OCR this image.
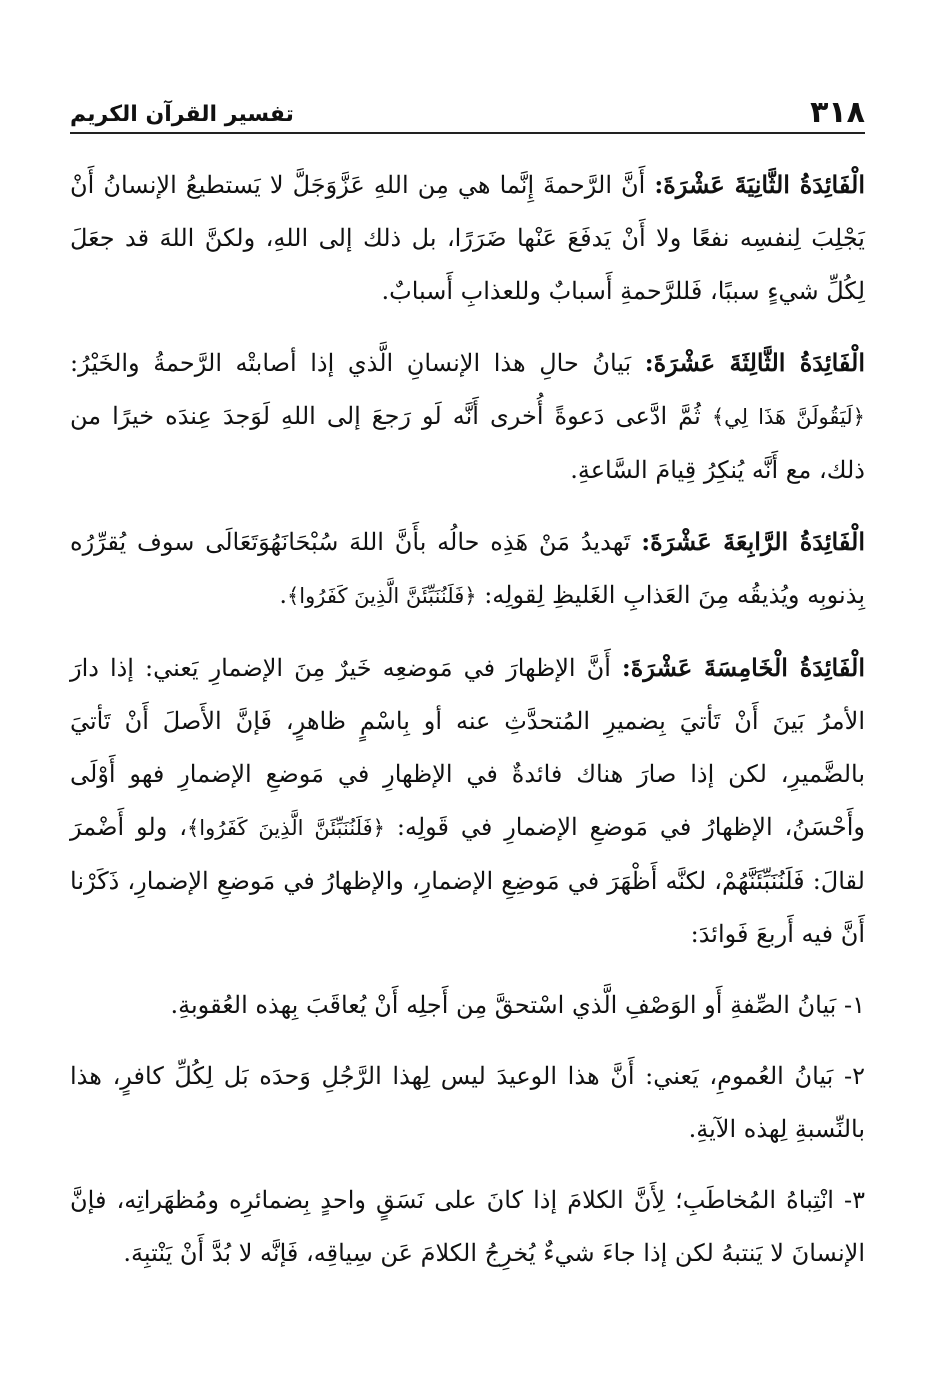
٣١٨
تفسير القرآن الكريم

الْفَائِدَةُ الثَّانِيَةَ عَشْرَةَ: أَنَّ الرَّحمةَ إِنَّما هي مِن اللهِ عَزَّوَجَلَّ لا يَستطيعُ الإنسانُ أَنْ يَجْلِبَ لِنفسِه نفعًا ولا أَنْ يَدفَعَ عَنْها ضَرَرًا، بل ذلك إلى اللهِ، ولكنَّ اللهَ قد جعَلَ لِكُلِّ شيءٍ سببًا، فَللرَّحمةِ أَسبابٌ وللعذابِ أَسبابٌ.

الْفَائِدَةُ الثَّالِثَةَ عَشْرَةَ: بَيانُ حالِ هذا الإنسانِ الَّذي إذا أصابتْه الرَّحمةُ والخَيْرُ: ﴿لَيَقُولَنَّ هَذَا لِي﴾ ثُمَّ ادَّعى دَعوةً أُخرى أَنَّه لَو رَجعَ إلى اللهِ لَوَجدَ عِندَه خيرًا من ذلك، مع أَنَّه يُنكِرُ قِيامَ السَّاعةِ.

الْفَائِدَةُ الرَّابِعَةَ عَشْرَةَ: تَهديدُ مَنْ هَذِه حالُه بأَنَّ اللهَ سُبْحَانَهُوَتَعَالَى سوف يُقرِّرُه بِذنوبِه ويُذيقُه مِنَ العَذابِ الغَليظِ لِقولِه: ﴿فَلَنُنَبِّئَنَّ الَّذِينَ كَفَرُوا﴾.

الْفَائِدَةُ الْخَامِسَةَ عَشْرَةَ: أَنَّ الإظهارَ في مَوضعِه خَيرٌ مِنَ الإضمارِ يَعني: إذا دارَ الأمرُ بَينَ أَنْ تَأتيَ بِضميرِ المُتحدَّثِ عنه أو بِاسْمٍ ظاهرٍ، فَإنَّ الأَصلَ أَنْ تَأتيَ بالضَّميرِ، لكن إذا صارَ هناك فائدةٌ في الإظهارِ في مَوضعِ الإضمارِ فهو أَوْلَى وأَحْسَنُ، الإظهارُ في مَوضعِ الإضمارِ في قَولِه: ﴿فَلَنُنَبِّئَنَّ الَّذِينَ كَفَرُوا﴾، ولو أَضْمرَ لقالَ: فَلَنُنَبِّئَنَّهُمْ، لكنَّه أَظْهَرَ في مَوضِعِ الإضمارِ، والإظهارُ في مَوضعِ الإضمارِ، ذَكَرْنا أَنَّ فيه أَربعَ فَوائدَ:

١- بَيانُ الصِّفةِ أَو الوَصْفِ الَّذي اسْتحقَّ مِن أَجلِه أَنْ يُعاقَبَ بِهذه العُقوبةِ.

٢- بَيانُ العُمومِ، يَعني: أَنَّ هذا الوعيدَ ليس لِهذا الرَّجُلِ وَحدَه بَل لِكُلِّ كافرٍ، هذا بالنِّسبةِ لِهذه الآيةِ.

٣- انْتِباهُ المُخاطَبِ؛ لِأَنَّ الكلامَ إذا كانَ على نَسَقٍ واحدٍ بِضمائرِه ومُظهَراتِه، فإنَّ الإنسانَ لا يَنتبهُ لكن إذا جاءَ شيءٌ يُخرِجُ الكلامَ عَن سِياقِه، فَإنَّه لا بُدَّ أَنْ يَنْتبِهَ.
